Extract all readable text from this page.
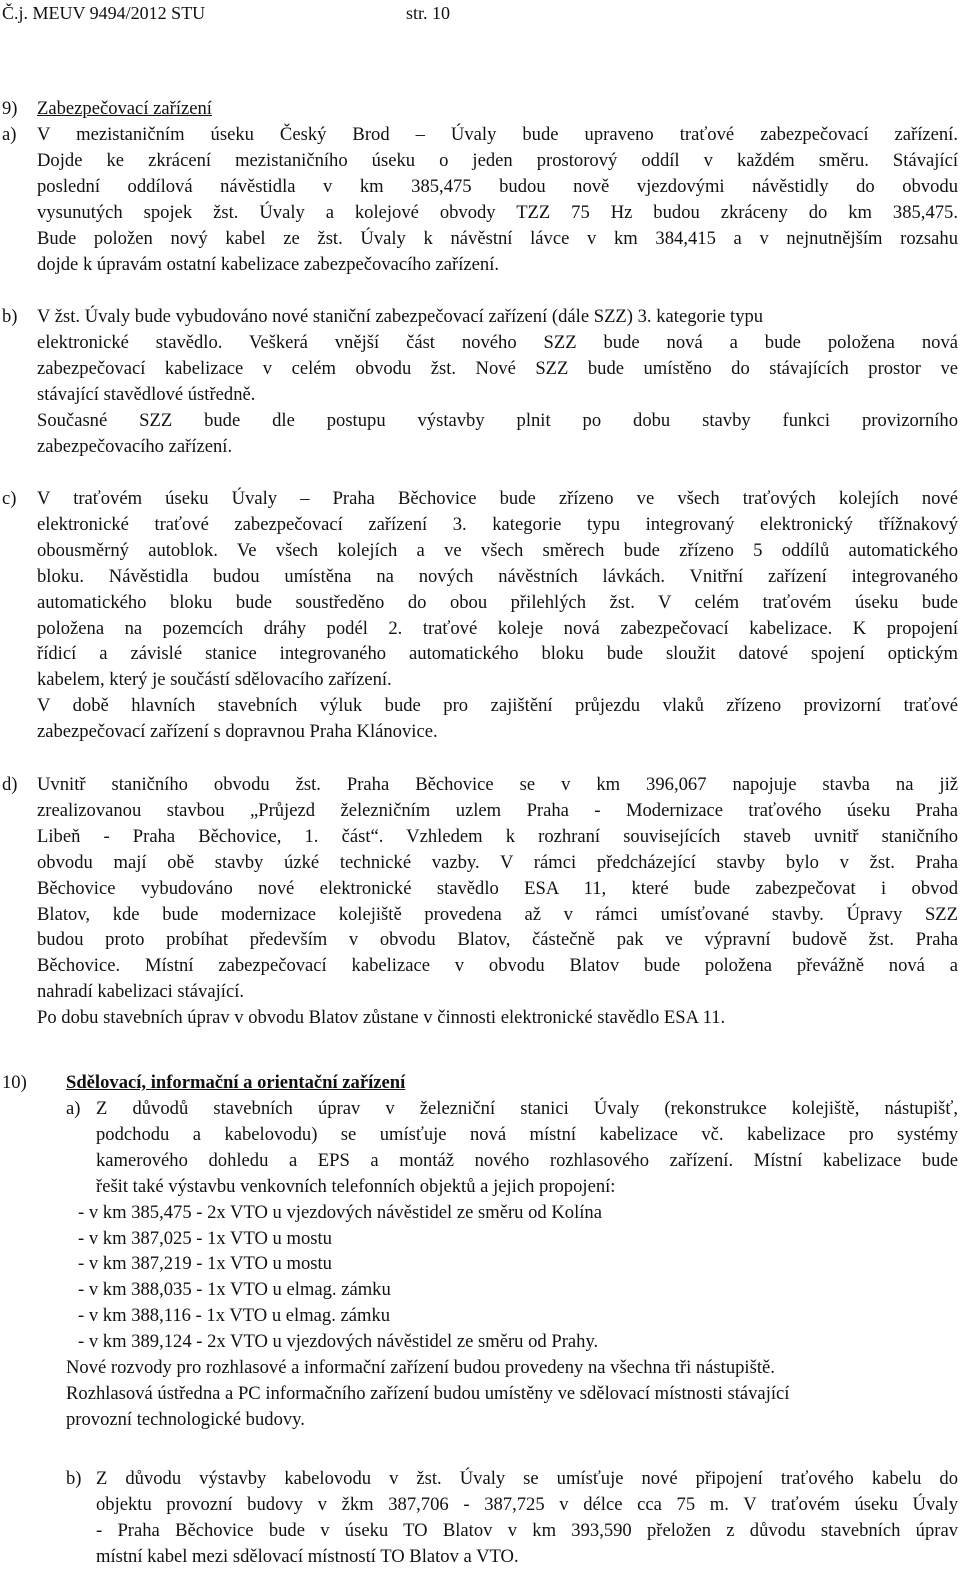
Č.j. MEUV 9494/2012 STU	str. 10
9) Zabezpečovací zařízení
a) V mezistaničním úseku Český Brod – Úvaly bude upraveno traťové zabezpečovací zařízení.
Dojde ke zkrácení mezistaničního úseku o jeden prostorový oddíl v každém směru. Stávající
poslední oddílová návěstidla v km 385,475 budou nově vjezdovými návěstidly do obvodu
vysunutých spojek žst. Úvaly a kolejové obvody TZZ 75 Hz budou zkráceny do km 385,475.
Bude položen nový kabel ze žst. Úvaly k návěstní lávce v km 384,415 a v nejnutnějším rozsahu
dojde k úpravám ostatní kabelizace zabezpečovacího zařízení.
b) V žst. Úvaly bude vybudováno nové staniční zabezpečovací zařízení (dále SZZ) 3. kategorie typu
elektronické stavědlo. Veškerá vnější část nového SZZ bude nová a bude položena nová
zabezpečovací kabelizace v celém obvodu žst. Nové SZZ bude umístěno do stávajících prostor ve
stávající stavědlové ústředně.
Současné SZZ bude dle postupu výstavby plnit po dobu stavby funkci provizorního
zabezpečovacího zařízení.
c) V traťovém úseku Úvaly – Praha Běchovice bude zřízeno ve všech traťových kolejích nové
elektronické traťové zabezpečovací zařízení 3. kategorie typu integrovaný elektronický třížnakový
obousměrný autoblok. Ve všech kolejích a ve všech směrech bude zřízeno 5 oddílů automatického
bloku. Návěstidla budou umístěna na nových návěstních lávkách. Vnitřní zařízení integrovaného
automatického bloku bude soustředěno do obou přilehlých žst. V celém traťovém úseku bude
položena na pozemcích dráhy podél 2. traťové koleje nová zabezpečovací kabelizace. K propojení
řídicí a závislé stanice integrovaného automatického bloku bude sloužit datové spojení optickým
kabelem, který je součástí sdělovacího zařízení.
V době hlavních stavebních výluk bude pro zajištění průjezdu vlaků zřízeno provizorní traťové
zabezpečovací zařízení s dopravnou Praha Klánovice.
d) Uvnitř staničního obvodu žst. Praha Běchovice se v km 396,067 napojuje stavba na již
zrealizovanou stavbou „Průjezd železničním uzlem Praha - Modernizace traťového úseku Praha
Libeň - Praha Běchovice, 1. část“. Vzhledem k rozhraní souvisejících staveb uvnitř staničního
obvodu mají obě stavby úzké technické vazby. V rámci předcházející stavby bylo v žst. Praha
Běchovice vybudováno nové elektronické stavědlo ESA 11, které bude zabezpečovat i obvod
Blatov, kde bude modernizace kolejiště provedena až v rámci umísťované stavby. Úpravy SZZ
budou proto probíhat především v obvodu Blatov, částečně pak ve výpravní budově žst. Praha
Běchovice. Místní zabezpečovací kabelizace v obvodu Blatov bude položena převážně nová a
nahradí kabelizaci stávající.
Po dobu stavebních úprav v obvodu Blatov zůstane v činnosti elektronické stavědlo ESA 11.
10) Sdělovací, informační a orientační zařízení
a) Z důvodů stavebních úprav v železniční stanici Úvaly (rekonstrukce kolejiště, nástupišť,
podchodu a kabelovodu) se umísťuje nová místní kabelizace vč. kabelizace pro systémy
kamerového dohledu a EPS a montáž nového rozhlasového zařízení. Místní kabelizace bude
řešit také výstavbu venkovních telefonních objektů a jejich propojení:
- v km 385,475 - 2x VTO u vjezdových návěstidel ze směru od Kolína
- v km 387,025 - 1x VTO u mostu
- v km 387,219 - 1x VTO u mostu
- v km 388,035 - 1x VTO u elmag. zámku
- v km 388,116 - 1x VTO u elmag. zámku
- v km 389,124 - 2x VTO u vjezdových návěstidel ze směru od Prahy.
Nové rozvody pro rozhlasové a informační zařízení budou provedeny na všechna tři nástupiště.
Rozhlasová ústředna a PC informačního zařízení budou umístěny ve sdělovací místnosti stávající
provozní technologické budovy.
b) Z důvodu výstavby kabelovodu v žst. Úvaly se umísťuje nové připojení traťového kabelu do
objektu provozní budovy v žkm 387,706 - 387,725 v délce cca 75 m. V traťovém úseku Úvaly
- Praha Běchovice bude v úseku TO Blatov v km 393,590 přeložen z důvodu stavebních úprav
místní kabel mezi sdělovací místností TO Blatov a VTO.
